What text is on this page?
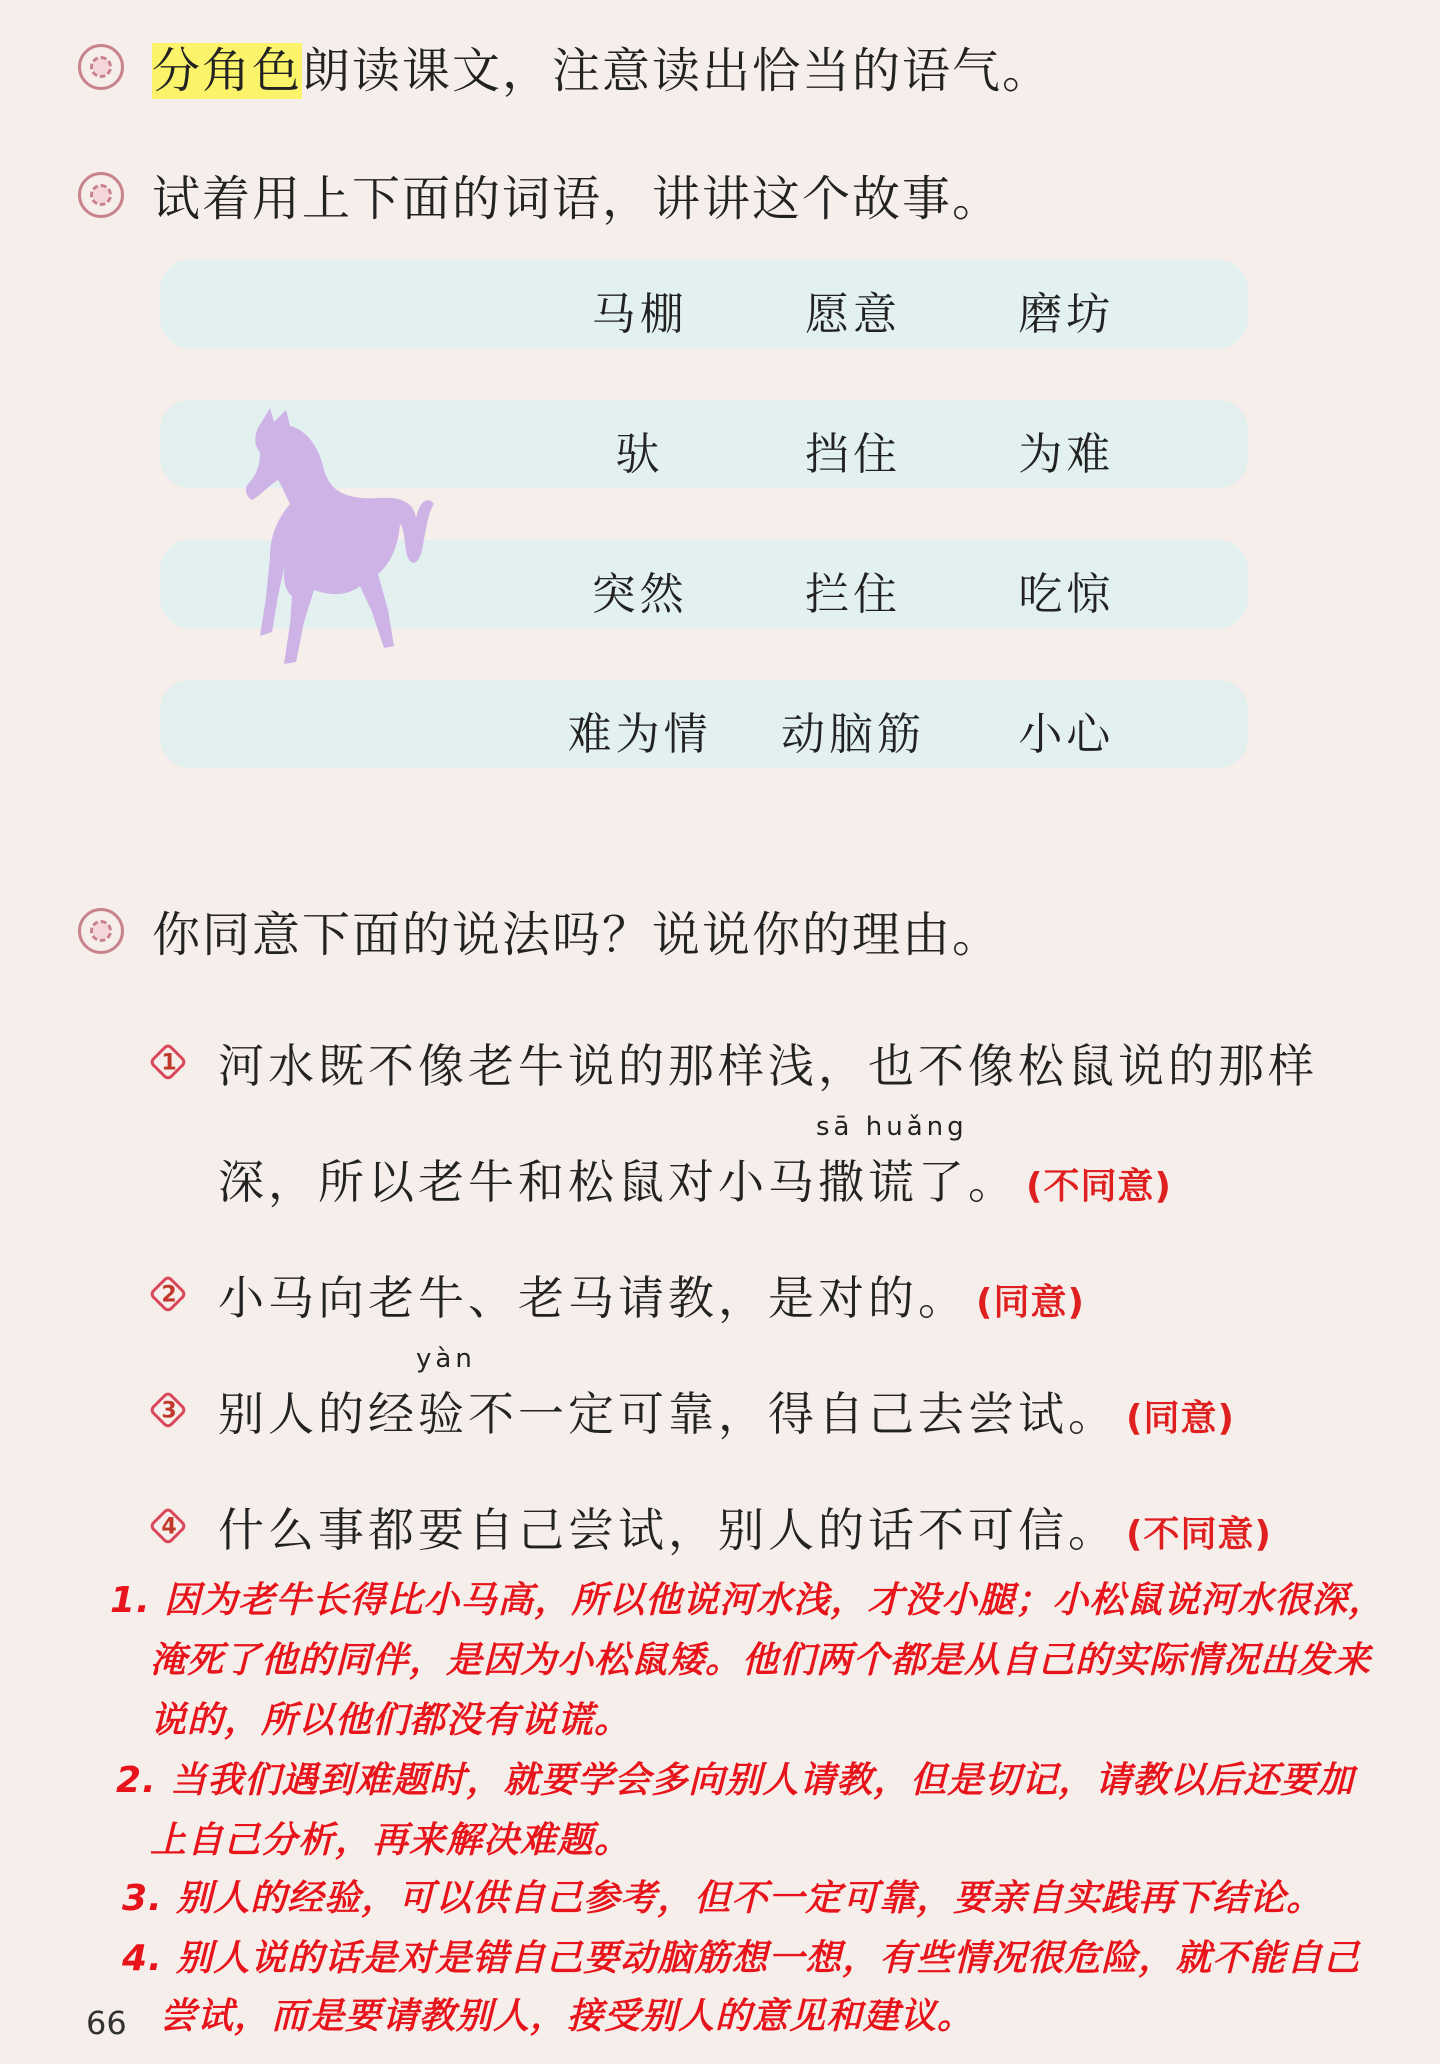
分角色朗读课文，注意读出恰当的语气。
试着用上下面的词语，讲讲这个故事。
马棚	愿意	磨坊
驮	挡住	为难
突然	拦住	吃惊
难为情	动脑筋	小心
你同意下面的说法吗？说说你的理由。
1 河水既不像老牛说的那样浅，也不像松鼠说的那样
深，所以老牛和松鼠对小马
sā huǎng
撒谎了。 (不同意)
2 小马向老牛、老马请教，是对的。 (同意)
3 别人的经
yàn
验不一定可靠，得自己去尝试。 (同意)
4 什么事都要自己尝试，别人的话不可信。 (不同意)
1. 因为老牛长得比小马高，所以他说河水浅，才没小腿；小松鼠说河水很深，
淹死了他的同伴，是因为小松鼠矮。他们两个都是从自己的实际情况出发来
说的，所以他们都没有说谎。
2. 当我们遇到难题时，就要学会多向别人请教，但是切记，请教以后还要加
上自己分析，再来解决难题。
3. 别人的经验，可以供自己参考，但不一定可靠，要亲自实践再下结论。
4. 别人说的话是对是错自己要动脑筋想一想，有些情况很危险，就不能自己
尝试，而是要请教别人，接受别人的意见和建议。
66
